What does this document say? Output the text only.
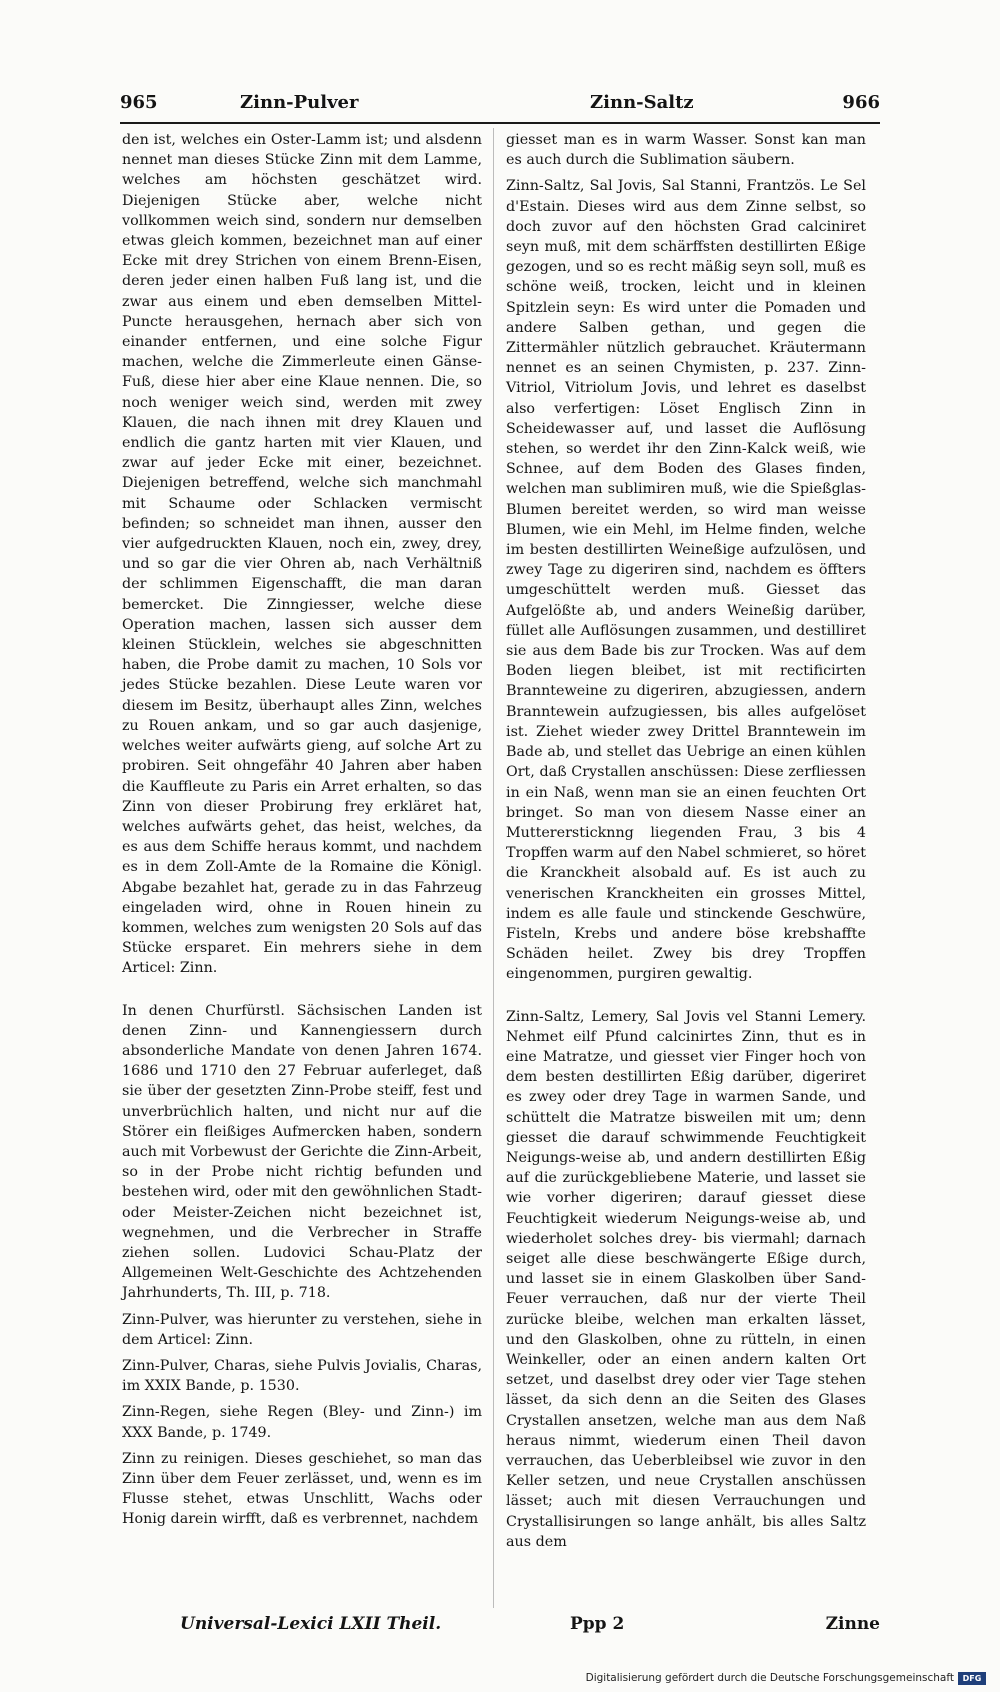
965	Zinn-Pulver	Zinn-Saltz	966

den ist, welches ein Oster-Lamm ist; und alsdenn nennet man dieses Stücke Zinn mit dem Lamme, welches am höchsten geschätzet wird. Diejenigen Stücke aber, welche nicht vollkommen weich sind, sondern nur demselben etwas gleich kommen, bezeichnet man auf einer Ecke mit drey Strichen von einem Brenn-Eisen, deren jeder einen halben Fuß lang ist, und die zwar aus einem und eben demselben Mittel-Puncte herausgehen, hernach aber sich von einander entfernen, und eine solche Figur machen, welche die Zimmerleute einen Gänse-Fuß, diese hier aber eine Klaue nennen. Die, so noch weniger weich sind, werden mit zwey Klauen, die nach ihnen mit drey Klauen und endlich die gantz harten mit vier Klauen, und zwar auf jeder Ecke mit einer, bezeichnet. Diejenigen betreffend, welche sich manchmahl mit Schaume oder Schlacken vermischt befinden; so schneidet man ihnen, ausser den vier aufgedruckten Klauen, noch ein, zwey, drey, und so gar die vier Ohren ab, nach Verhältniß der schlimmen Eigenschafft, die man daran bemercket. Die Zinngiesser, welche diese Operation machen, lassen sich ausser dem kleinen Stücklein, welches sie abgeschnitten haben, die Probe damit zu machen, 10 Sols vor jedes Stücke bezahlen. Diese Leute waren vor diesem im Besitz, überhaupt alles Zinn, welches zu Rouen ankam, und so gar auch dasjenige, welches weiter aufwärts gieng, auf solche Art zu probiren. Seit ohngefähr 40 Jahren aber haben die Kauffleute zu Paris ein Arret erhalten, so das Zinn von dieser Probirung frey erkläret hat, welches aufwärts gehet, das heist, welches, da es aus dem Schiffe heraus kommt, und nachdem es in dem Zoll-Amte de la Romaine die Königl. Abgabe bezahlet hat, gerade zu in das Fahrzeug eingeladen wird, ohne in Rouen hinein zu kommen, welches zum wenigsten 20 Sols auf das Stücke ersparet. Ein mehrers siehe in dem Articel: Zinn.

In denen Churfürstl. Sächsischen Landen ist denen Zinn- und Kannengiessern durch absonderliche Mandate von denen Jahren 1674. 1686 und 1710 den 27 Februar auferleget, daß sie über der gesetzten Zinn-Probe steiff, fest und unverbrüchlich halten, und nicht nur auf die Störer ein fleißiges Aufmercken haben, sondern auch mit Vorbewust der Gerichte die Zinn-Arbeit, so in der Probe nicht richtig befunden und bestehen wird, oder mit den gewöhnlichen Stadt- oder Meister-Zeichen nicht bezeichnet ist, wegnehmen, und die Verbrecher in Straffe ziehen sollen. Ludovici Schau-Platz der Allgemeinen Welt-Geschichte des Achtzehenden Jahrhunderts, Th. III, p. 718.

Zinn-Pulver, was hierunter zu verstehen, siehe in dem Articel: Zinn.

Zinn-Pulver, Charas, siehe Pulvis Jovialis, Charas, im XXIX Bande, p. 1530.

Zinn-Regen, siehe Regen (Bley- und Zinn-) im XXX Bande, p. 1749.

Zinn zu reinigen. Dieses geschiehet, so man das Zinn über dem Feuer zerlässet, und, wenn es im Flusse stehet, etwas Unschlitt, Wachs oder Honig darein wirfft, daß es verbrennet, nachdem

giesset man es in warm Wasser. Sonst kan man es auch durch die Sublimation säubern.

Zinn-Saltz, Sal Jovis, Sal Stanni, Frantzös. Le Sel d'Estain. Dieses wird aus dem Zinne selbst, so doch zuvor auf den höchsten Grad calciniret seyn muß, mit dem schärffsten destillirten Eßige gezogen, und so es recht mäßig seyn soll, muß es schöne weiß, trocken, leicht und in kleinen Spitzlein seyn: Es wird unter die Pomaden und andere Salben gethan, und gegen die Zittermähler nützlich gebrauchet. Kräutermann nennet es an seinen Chymisten, p. 237. Zinn-Vitriol, Vitriolum Jovis, und lehret es daselbst also verfertigen: Löset Englisch Zinn in Scheidewasser auf, und lasset die Auflösung stehen, so werdet ihr den Zinn-Kalck weiß, wie Schnee, auf dem Boden des Glases finden, welchen man sublimiren muß, wie die Spießglas-Blumen bereitet werden, so wird man weisse Blumen, wie ein Mehl, im Helme finden, welche im besten destillirten Weineßige aufzulösen, und zwey Tage zu digeriren sind, nachdem es öffters umgeschüttelt werden muß. Giesset das Aufgelößte ab, und anders Weineßig darüber, füllet alle Auflösungen zusammen, und destilliret sie aus dem Bade bis zur Trocken. Was auf dem Boden liegen bleibet, ist mit rectificirten Brannteweine zu digeriren, abzugiessen, andern Branntewein aufzugiessen, bis alles aufgelöset ist. Ziehet wieder zwey Drittel Branntewein im Bade ab, und stellet das Uebrige an einen kühlen Ort, daß Crystallen anschüssen: Diese zerfliessen in ein Naß, wenn man sie an einen feuchten Ort bringet. So man von diesem Nasse einer an Mutterersticknng liegenden Frau, 3 bis 4 Tropffen warm auf den Nabel schmieret, so höret die Kranckheit alsobald auf. Es ist auch zu venerischen Kranckheiten ein grosses Mittel, indem es alle faule und stinckende Geschwüre, Fisteln, Krebs und andere böse krebshaffte Schäden heilet. Zwey bis drey Tropffen eingenommen, purgiren gewaltig.

Zinn-Saltz, Lemery, Sal Jovis vel Stanni Lemery. Nehmet eilf Pfund calcinirtes Zinn, thut es in eine Matratze, und giesset vier Finger hoch von dem besten destillirten Eßig darüber, digeriret es zwey oder drey Tage in warmen Sande, und schüttelt die Matratze bisweilen mit um; denn giesset die darauf schwimmende Feuchtigkeit Neigungs-weise ab, und andern destillirten Eßig auf die zurückgebliebene Materie, und lasset sie wie vorher digeriren; darauf giesset diese Feuchtigkeit wiederum Neigungs-weise ab, und wiederholet solches drey- bis viermahl; darnach seiget alle diese beschwängerte Eßige durch, und lasset sie in einem Glaskolben über Sand-Feuer verrauchen, daß nur der vierte Theil zurücke bleibe, welchen man erkalten lässet, und den Glaskolben, ohne zu rütteln, in einen Weinkeller, oder an einen andern kalten Ort setzet, und daselbst drey oder vier Tage stehen lässet, da sich denn an die Seiten des Glases Crystallen ansetzen, welche man aus dem Naß heraus nimmt, wiederum einen Theil davon verrauchen, das Ueberbleibsel wie zuvor in den Keller setzen, und neue Crystallen anschüssen lässet; auch mit diesen Verrauchungen und Crystallisirungen so lange anhält, bis alles Saltz aus dem

Universal-Lexici LXII Theil.	Ppp 2	Zinne
Digitalisierung gefördert durch die Deutsche Forschungsgemeinschaft	DFG
